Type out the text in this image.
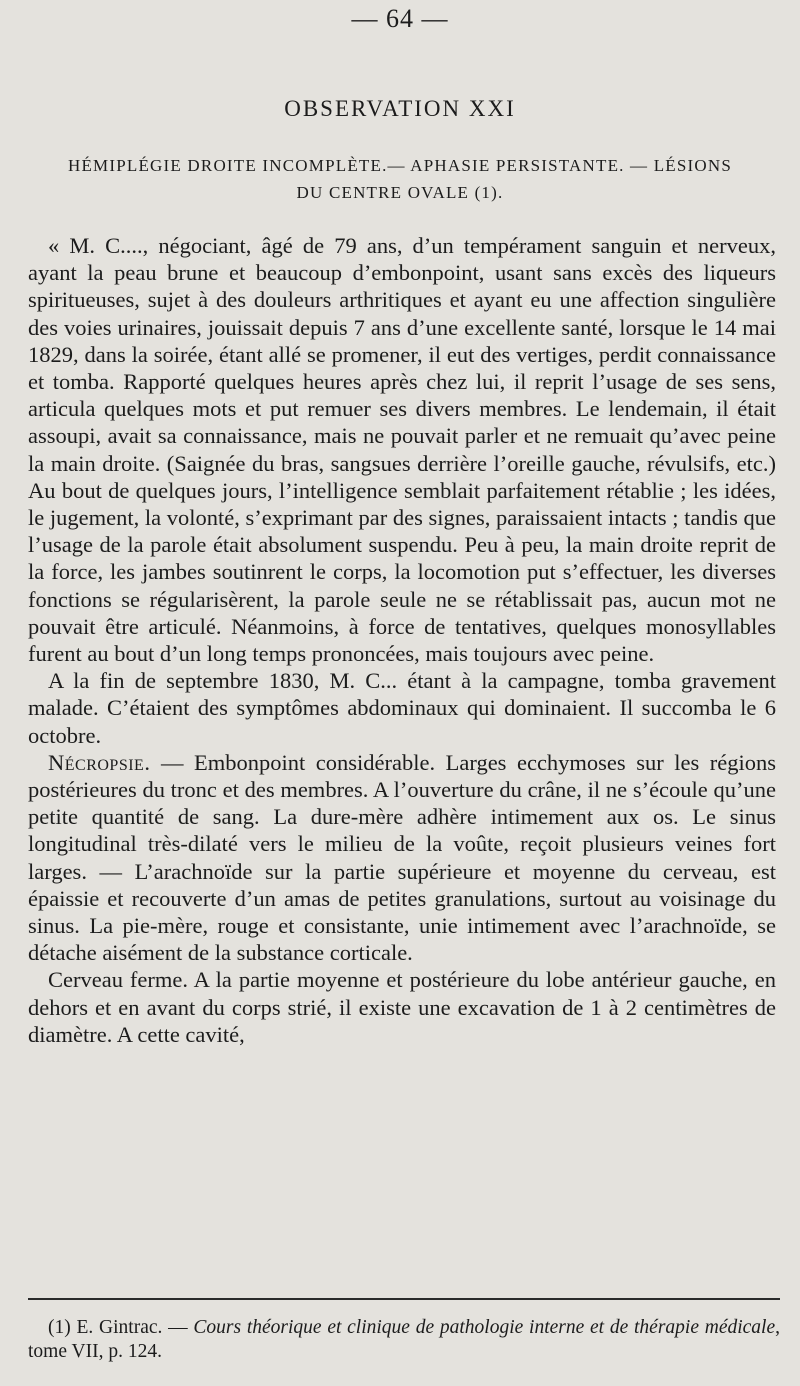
— 64 —
OBSERVATION XXI
HÉMIPLÉGIE DROITE INCOMPLÈTE.— APHASIE PERSISTANTE. — LÉSIONS
DU CENTRE OVALE (1).

« M. C...., négociant, âgé de 79 ans, d’un tempérament sanguin et nerveux, ayant la peau brune et beaucoup d’embonpoint, usant sans excès des liqueurs spiritueuses, sujet à des douleurs arthritiques et ayant eu une affection singulière des voies urinaires, jouissait depuis 7 ans d’une excellente santé, lorsque le 14 mai 1829, dans la soirée, étant allé se promener, il eut des vertiges, perdit connaissance et tomba. Rapporté quelques heures après chez lui, il reprit l’usage de ses sens, articula quelques mots et put remuer ses divers membres. Le lendemain, il était assoupi, avait sa connaissance, mais ne pouvait parler et ne remuait qu’avec peine la main droite. (Saignée du bras, sangsues derrière l’oreille gauche, révulsifs, etc.) Au bout de quelques jours, l’intelligence semblait parfaitement rétablie ; les idées, le jugement, la volonté, s’exprimant par des signes, paraissaient intacts ; tandis que l’usage de la parole était absolument suspendu. Peu à peu, la main droite reprit de la force, les jambes soutinrent le corps, la locomotion put s’effectuer, les diverses fonctions se régularisèrent, la parole seule ne se rétablissait pas, aucun mot ne pouvait être articulé. Néanmoins, à force de tentatives, quelques monosyllables furent au bout d’un long temps prononcées, mais toujours avec peine.

A la fin de septembre 1830, M. C... étant à la campagne, tomba gravement malade. C’étaient des symptômes abdominaux qui dominaient. Il succomba le 6 octobre.

Nécropsie. — Embonpoint considérable. Larges ecchymoses sur les régions postérieures du tronc et des membres. A l’ouverture du crâne, il ne s’écoule qu’une petite quantité de sang. La dure-mère adhère intimement aux os. Le sinus longitudinal très-dilaté vers le milieu de la voûte, reçoit plusieurs veines fort larges. — L’arachnoïde sur la partie supérieure et moyenne du cerveau, est épaissie et recouverte d’un amas de petites granulations, surtout au voisinage du sinus. La pie-mère, rouge et consistante, unie intimement avec l’arachnoïde, se détache aisément de la substance corticale.

Cerveau ferme. A la partie moyenne et postérieure du lobe antérieur gauche, en dehors et en avant du corps strié, il existe une excavation de 1 à 2 centimètres de diamètre. A cette cavité,

(1) E. Gintrac. — Cours théorique et clinique de pathologie interne et de thérapie médicale, tome VII, p. 124.
